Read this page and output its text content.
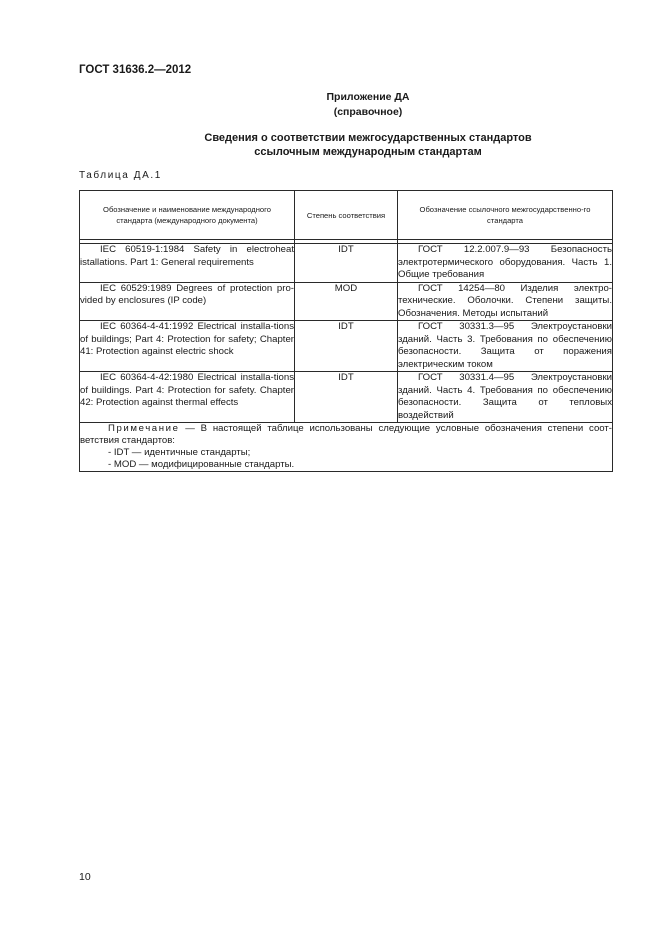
ГОСТ 31636.2—2012
Приложение ДА
(справочное)
Сведения о соответствии межгосударственных стандартов
ссылочным международным стандартам
Таблица ДА.1
Обозначение и наименование международного стандарта (международного документа)	Степень соответствия	Обозначение ссылочного межгосударственно-го стандарта

IEC 60519-1:1984 Safety in electroheat istallations. Part 1: General requirements	IDT	ГОСТ 12.2.007.9—93 Безопасность электротермического оборудования. Часть 1. Общие требования
IEC 60529:1989 Degrees of protection pro-vided by enclosures (IP code)	MOD	ГОСТ 14254—80 Изделия электро-технические. Оболочки. Степени защиты. Обозначения. Методы испытаний
IEC 60364-4-41:1992 Electrical installa-tions of buildings; Part 4: Protection for safety; Chapter 41: Protection against electric shock	IDT	ГОСТ 30331.3—95 Электроустановки зданий. Часть 3. Требования по обеспечению безопасности. Защита от поражения электрическим током
IEC 60364-4-42:1980 Electrical installa-tions of buildings. Part 4: Protection for safety. Chapter 42: Protection against thermal effects	IDT	ГОСТ 30331.4—95 Электроустановки зданий. Часть 4. Требования по обеспечению безопасности. Защита от тепловых воздействий

Примечание — В настоящей таблице использованы следующие условные обозначения степени соот-ветствия стандартов:

- IDT — идентичные стандарты;

- MOD — модифицированные стандарты.		

10
